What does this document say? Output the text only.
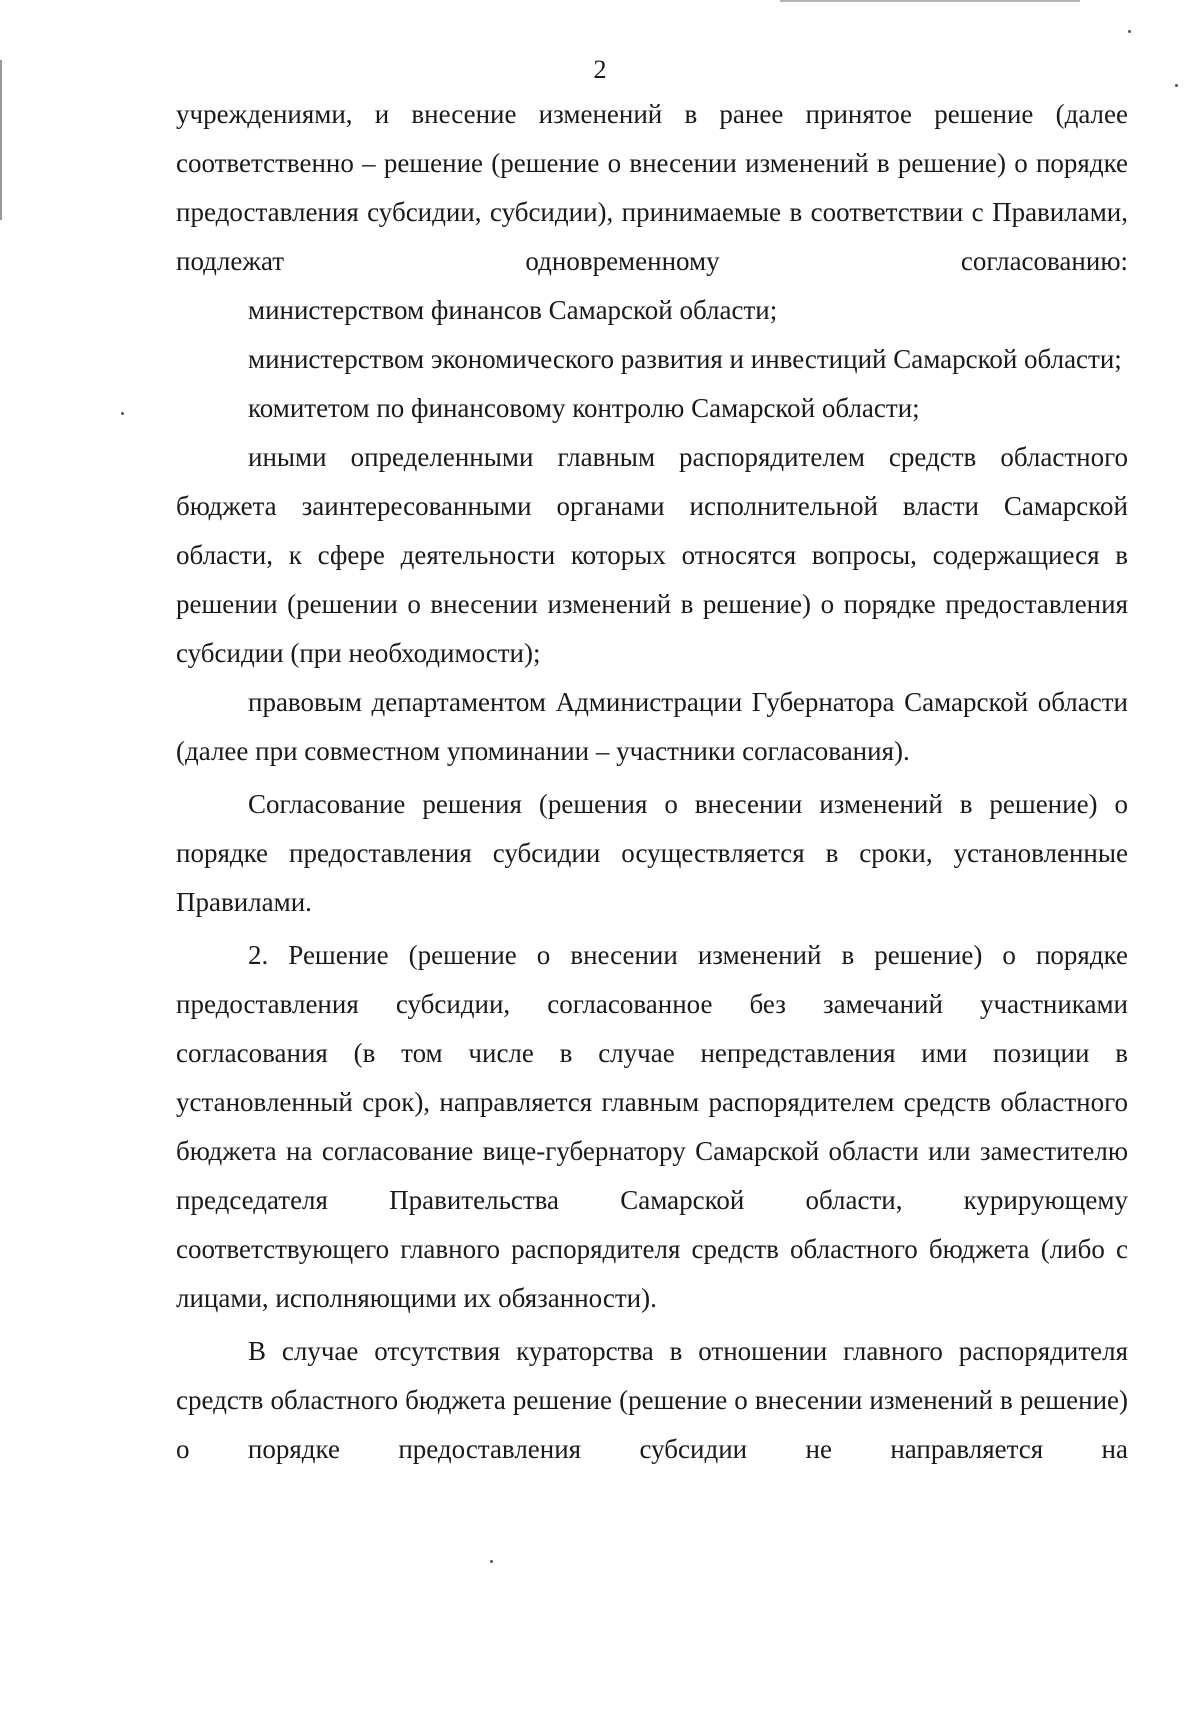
2

учреждениями, и внесение изменений в ранее принятое решение (далее соответственно – решение (решение о внесении изменений в решение) о порядке предоставления субсидии, субсидии), принимаемые в соответствии с Правилами, подлежат одновременному согласованию:

министерством финансов Самарской области;

министерством экономического развития и инвестиций Самарской области;

комитетом по финансовому контролю Самарской области;

иными определенными главным распорядителем средств областного бюджета заинтересованными органами исполнительной власти Самарской области, к сфере деятельности которых относятся вопросы, содержащиеся в решении (решении о внесении изменений в решение) о порядке предоставления субсидии (при необходимости);

правовым департаментом Администрации Губернатора Самарской области (далее при совместном упоминании – участники согласования).

Согласование решения (решения о внесении изменений в решение) о порядке предоставления субсидии осуществляется в сроки, установленные Правилами.

2. Решение (решение о внесении изменений в решение) о порядке предоставления субсидии, согласованное без замечаний участниками согласования (в том числе в случае непредставления ими позиции в установленный срок), направляется главным распорядителем средств областного бюджета на согласование вице-губернатору Самарской области или заместителю председателя Правительства Самарской области, курирующему соответствующего главного распорядителя средств областного бюджета (либо с лицами, исполняющими их обязанности).

В случае отсутствия кураторства в отношении главного распорядителя средств областного бюджета решение (решение о внесении изменений в решение) о порядке предоставления субсидии не направляется на
